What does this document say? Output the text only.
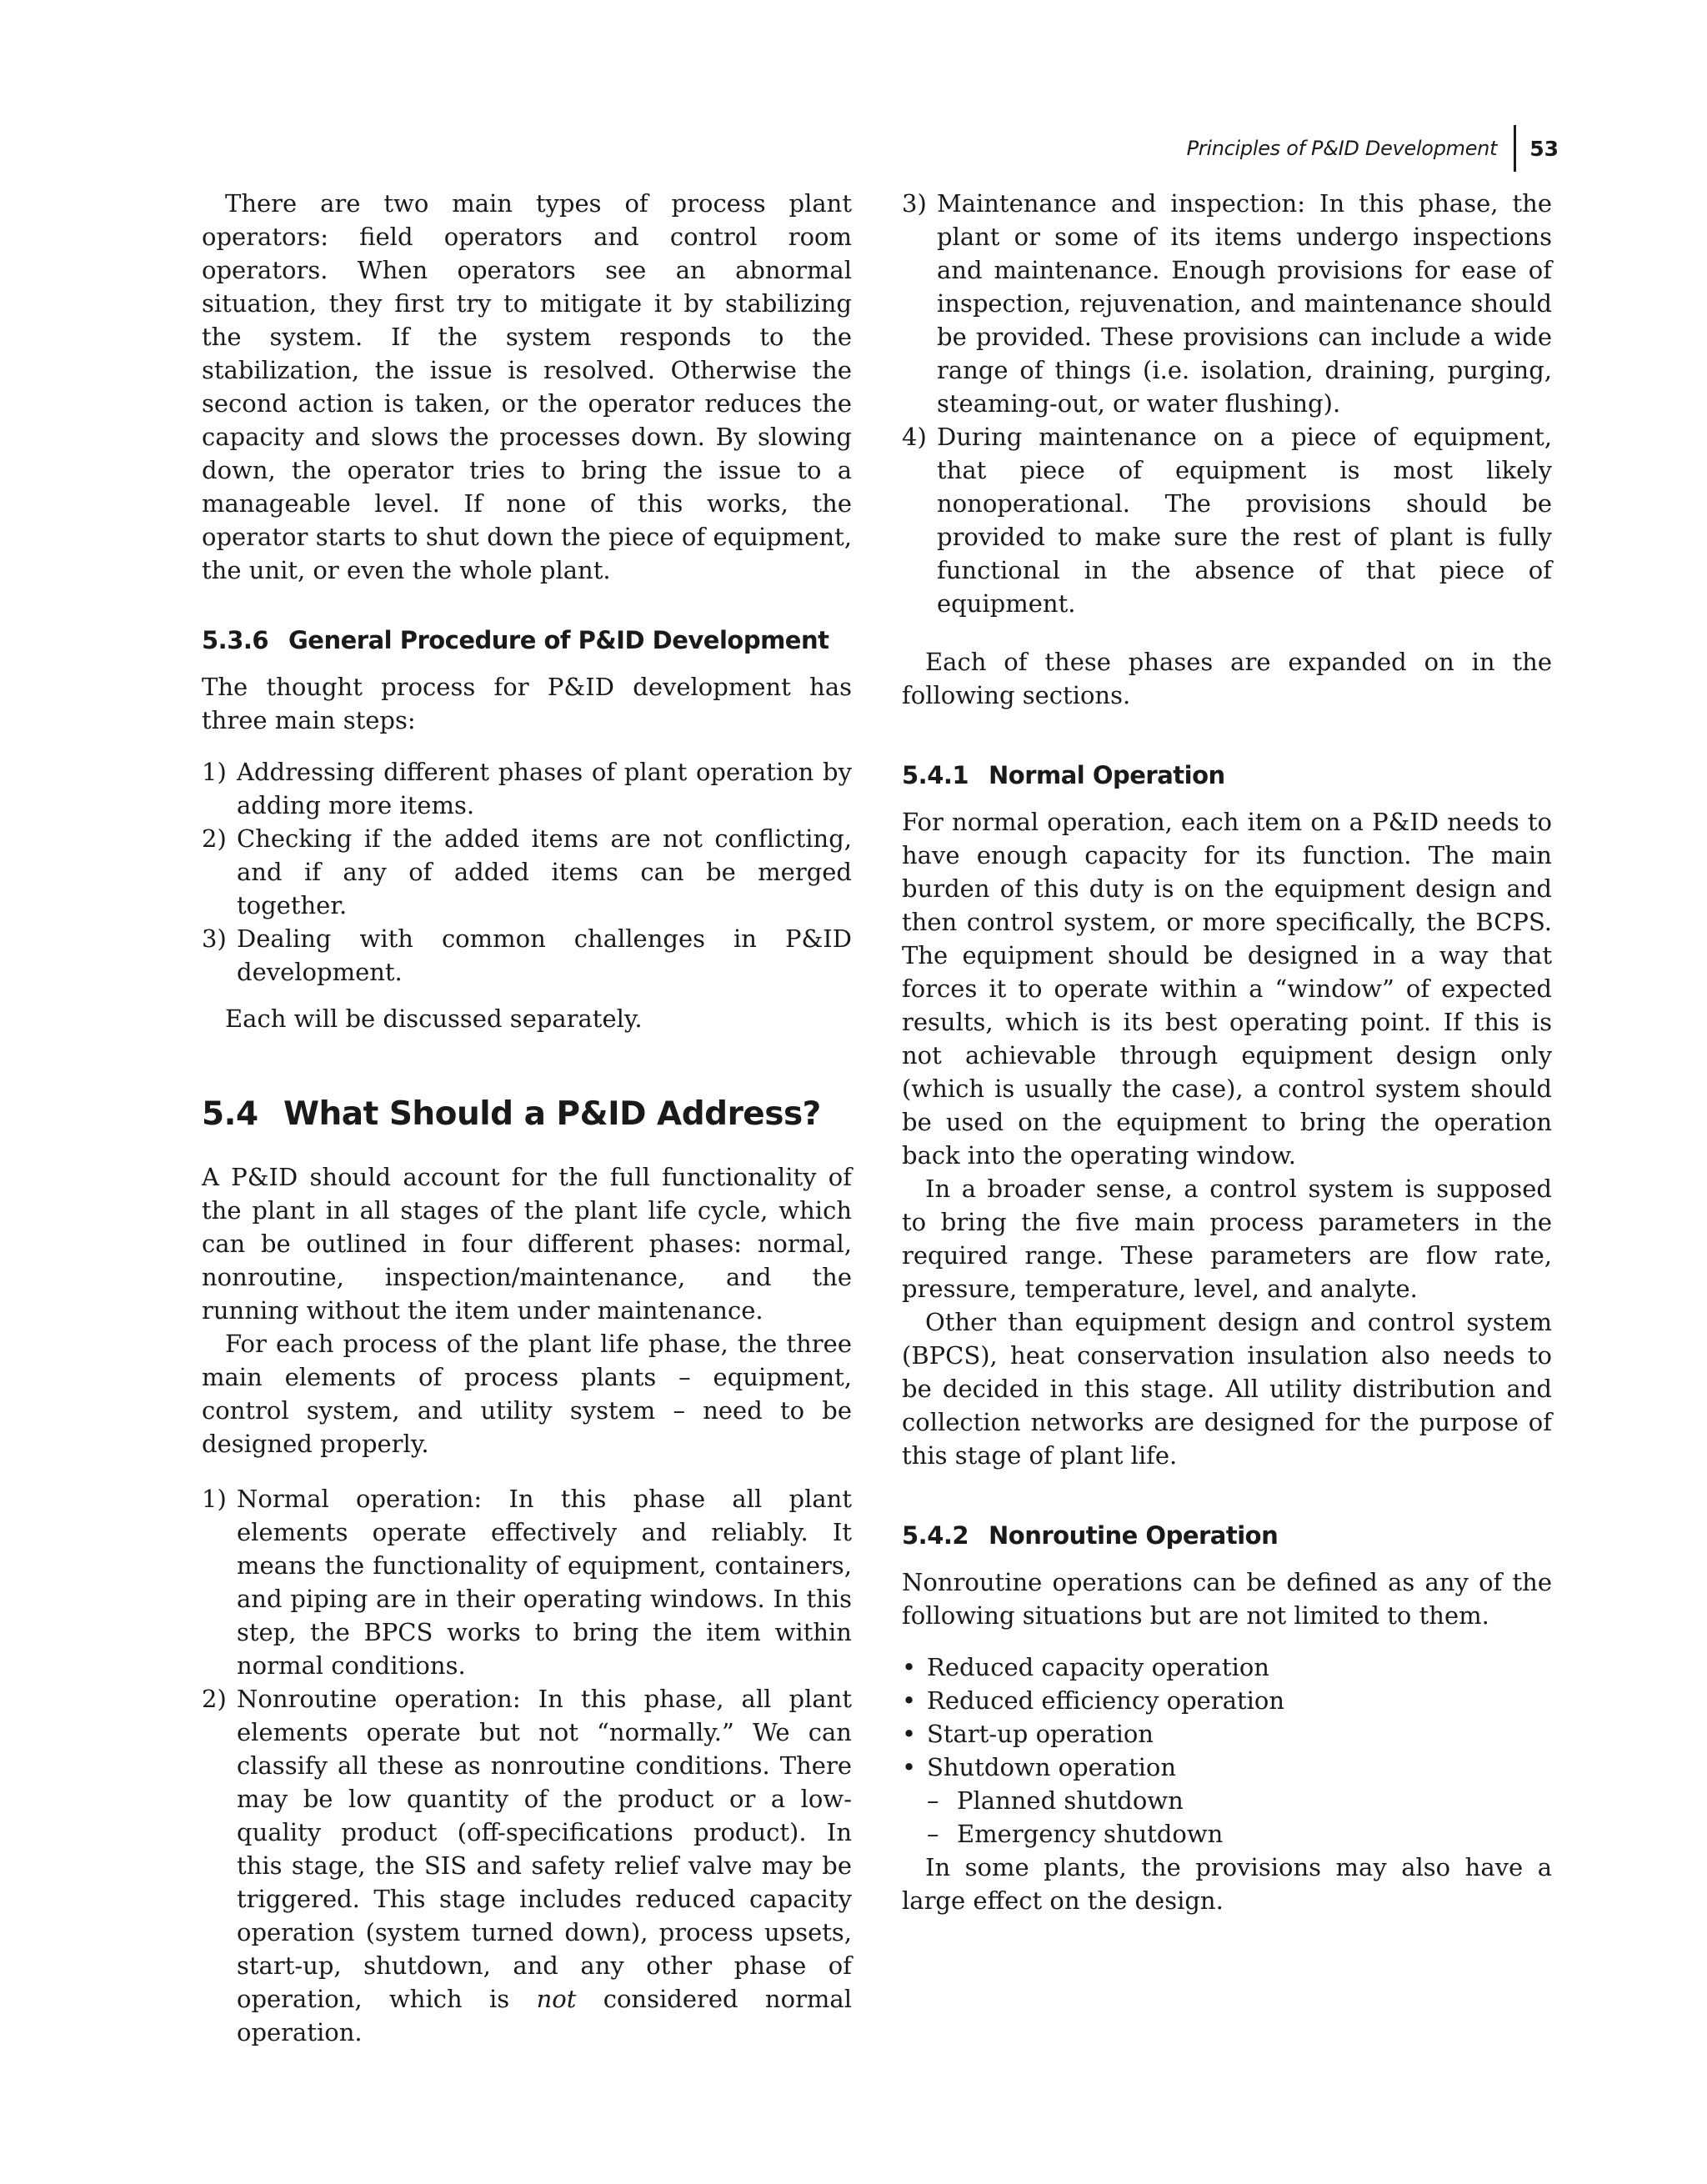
Principles of P&ID Development	53

There are two main types of process plant operators: field operators and control room operators. When operators see an abnormal situation, they first try to mitigate it by stabilizing the system. If the system responds to the stabilization, the issue is resolved. Otherwise the second action is taken, or the operator reduces the capacity and slows the processes down. By slowing down, the operator tries to bring the issue to a manageable level. If none of this works, the operator starts to shut down the piece of equipment, the unit, or even the whole plant.

5.3.6 General Procedure of P&ID Development

The thought process for P&ID development has three main steps:

1) Addressing different phases of plant operation by adding more items.
2) Checking if the added items are not conflicting, and if any of added items can be merged together.
3) Dealing with common challenges in P&ID development.

Each will be discussed separately.

5.4 What Should a P&ID Address?

A P&ID should account for the full functionality of the plant in all stages of the plant life cycle, which can be outlined in four different phases: normal, nonroutine, inspection/maintenance, and the running without the item under maintenance.

For each process of the plant life phase, the three main elements of process plants – equipment, control system, and utility system – need to be designed properly.

1) Normal operation: In this phase all plant elements operate effectively and reliably. It means the functionality of equipment, containers, and piping are in their operating windows. In this step, the BPCS works to bring the item within normal conditions.
2) Nonroutine operation: In this phase, all plant elements operate but not “normally.” We can classify all these as nonroutine conditions. There may be low quantity of the product or a low-quality product (off-specifications product). In this stage, the SIS and safety relief valve may be triggered. This stage includes reduced capacity operation (system turned down), process upsets, start-up, shutdown, and any other phase of operation, which is not considered normal operation.
3) Maintenance and inspection: In this phase, the plant or some of its items undergo inspections and maintenance. Enough provisions for ease of inspection, rejuvenation, and maintenance should be provided. These provisions can include a wide range of things (i.e. isolation, draining, purging, steaming-out, or water flushing).
4) During maintenance on a piece of equipment, that piece of equipment is most likely nonoperational. The provisions should be provided to make sure the rest of plant is fully functional in the absence of that piece of equipment.

Each of these phases are expanded on in the following sections.

5.4.1 Normal Operation

For normal operation, each item on a P&ID needs to have enough capacity for its function. The main burden of this duty is on the equipment design and then control system, or more specifically, the BCPS. The equipment should be designed in a way that forces it to operate within a “window” of expected results, which is its best operating point. If this is not achievable through equipment design only (which is usually the case), a control system should be used on the equipment to bring the operation back into the operating window.

In a broader sense, a control system is supposed to bring the five main process parameters in the required range. These parameters are flow rate, pressure, temperature, level, and analyte.

Other than equipment design and control system (BPCS), heat conservation insulation also needs to be decided in this stage. All utility distribution and collection networks are designed for the purpose of this stage of plant life.

5.4.2 Nonroutine Operation

Nonroutine operations can be defined as any of the following situations but are not limited to them.

• Reduced capacity operation
• Reduced efficiency operation
• Start-up operation
• Shutdown operation
– Planned shutdown
– Emergency shutdown

In some plants, the provisions may also have a large effect on the design.
